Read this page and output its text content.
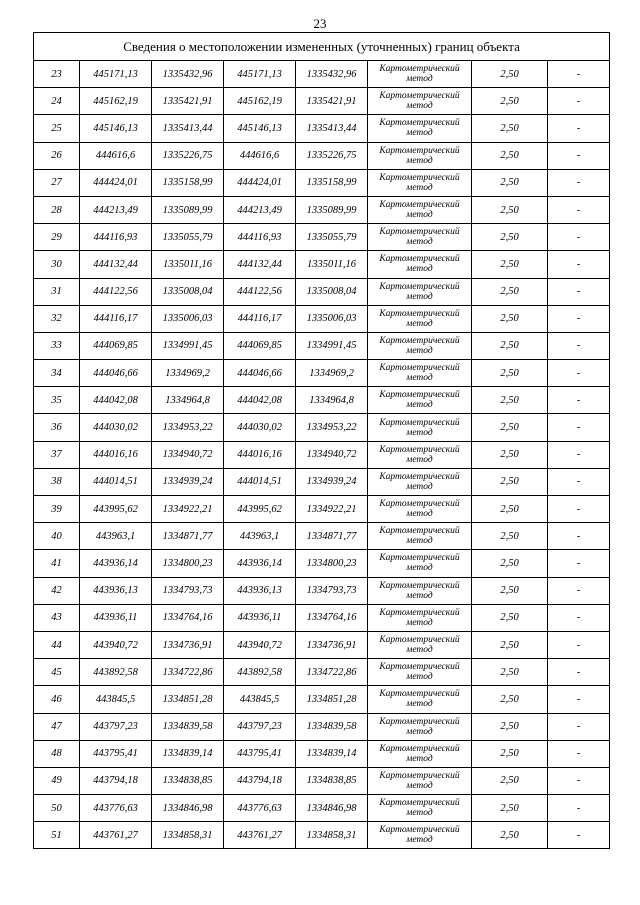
23
Сведения о местоположении измененных (уточненных) границ объекта							
23	445171,13	1335432,96	445171,13	1335432,96	Картометрический метод	2,50	-
24	445162,19	1335421,91	445162,19	1335421,91	Картометрический метод	2,50	-
25	445146,13	1335413,44	445146,13	1335413,44	Картометрический метод	2,50	-
26	444616,6	1335226,75	444616,6	1335226,75	Картометрический метод	2,50	-
27	444424,01	1335158,99	444424,01	1335158,99	Картометрический метод	2,50	-
28	444213,49	1335089,99	444213,49	1335089,99	Картометрический метод	2,50	-
29	444116,93	1335055,79	444116,93	1335055,79	Картометрический метод	2,50	-
30	444132,44	1335011,16	444132,44	1335011,16	Картометрический метод	2,50	-
31	444122,56	1335008,04	444122,56	1335008,04	Картометрический метод	2,50	-
32	444116,17	1335006,03	444116,17	1335006,03	Картометрический метод	2,50	-
33	444069,85	1334991,45	444069,85	1334991,45	Картометрический метод	2,50	-
34	444046,66	1334969,2	444046,66	1334969,2	Картометрический метод	2,50	-
35	444042,08	1334964,8	444042,08	1334964,8	Картометрический метод	2,50	-
36	444030,02	1334953,22	444030,02	1334953,22	Картометрический метод	2,50	-
37	444016,16	1334940,72	444016,16	1334940,72	Картометрический метод	2,50	-
38	444014,51	1334939,24	444014,51	1334939,24	Картометрический метод	2,50	-
39	443995,62	1334922,21	443995,62	1334922,21	Картометрический метод	2,50	-
40	443963,1	1334871,77	443963,1	1334871,77	Картометрический метод	2,50	-
41	443936,14	1334800,23	443936,14	1334800,23	Картометрический метод	2,50	-
42	443936,13	1334793,73	443936,13	1334793,73	Картометрический метод	2,50	-
43	443936,11	1334764,16	443936,11	1334764,16	Картометрический метод	2,50	-
44	443940,72	1334736,91	443940,72	1334736,91	Картометрический метод	2,50	-
45	443892,58	1334722,86	443892,58	1334722,86	Картометрический метод	2,50	-
46	443845,5	1334851,28	443845,5	1334851,28	Картометрический метод	2,50	-
47	443797,23	1334839,58	443797,23	1334839,58	Картометрический метод	2,50	-
48	443795,41	1334839,14	443795,41	1334839,14	Картометрический метод	2,50	-
49	443794,18	1334838,85	443794,18	1334838,85	Картометрический метод	2,50	-
50	443776,63	1334846,98	443776,63	1334846,98	Картометрический метод	2,50	-
51	443761,27	1334858,31	443761,27	1334858,31	Картометрический метод	2,50	-
